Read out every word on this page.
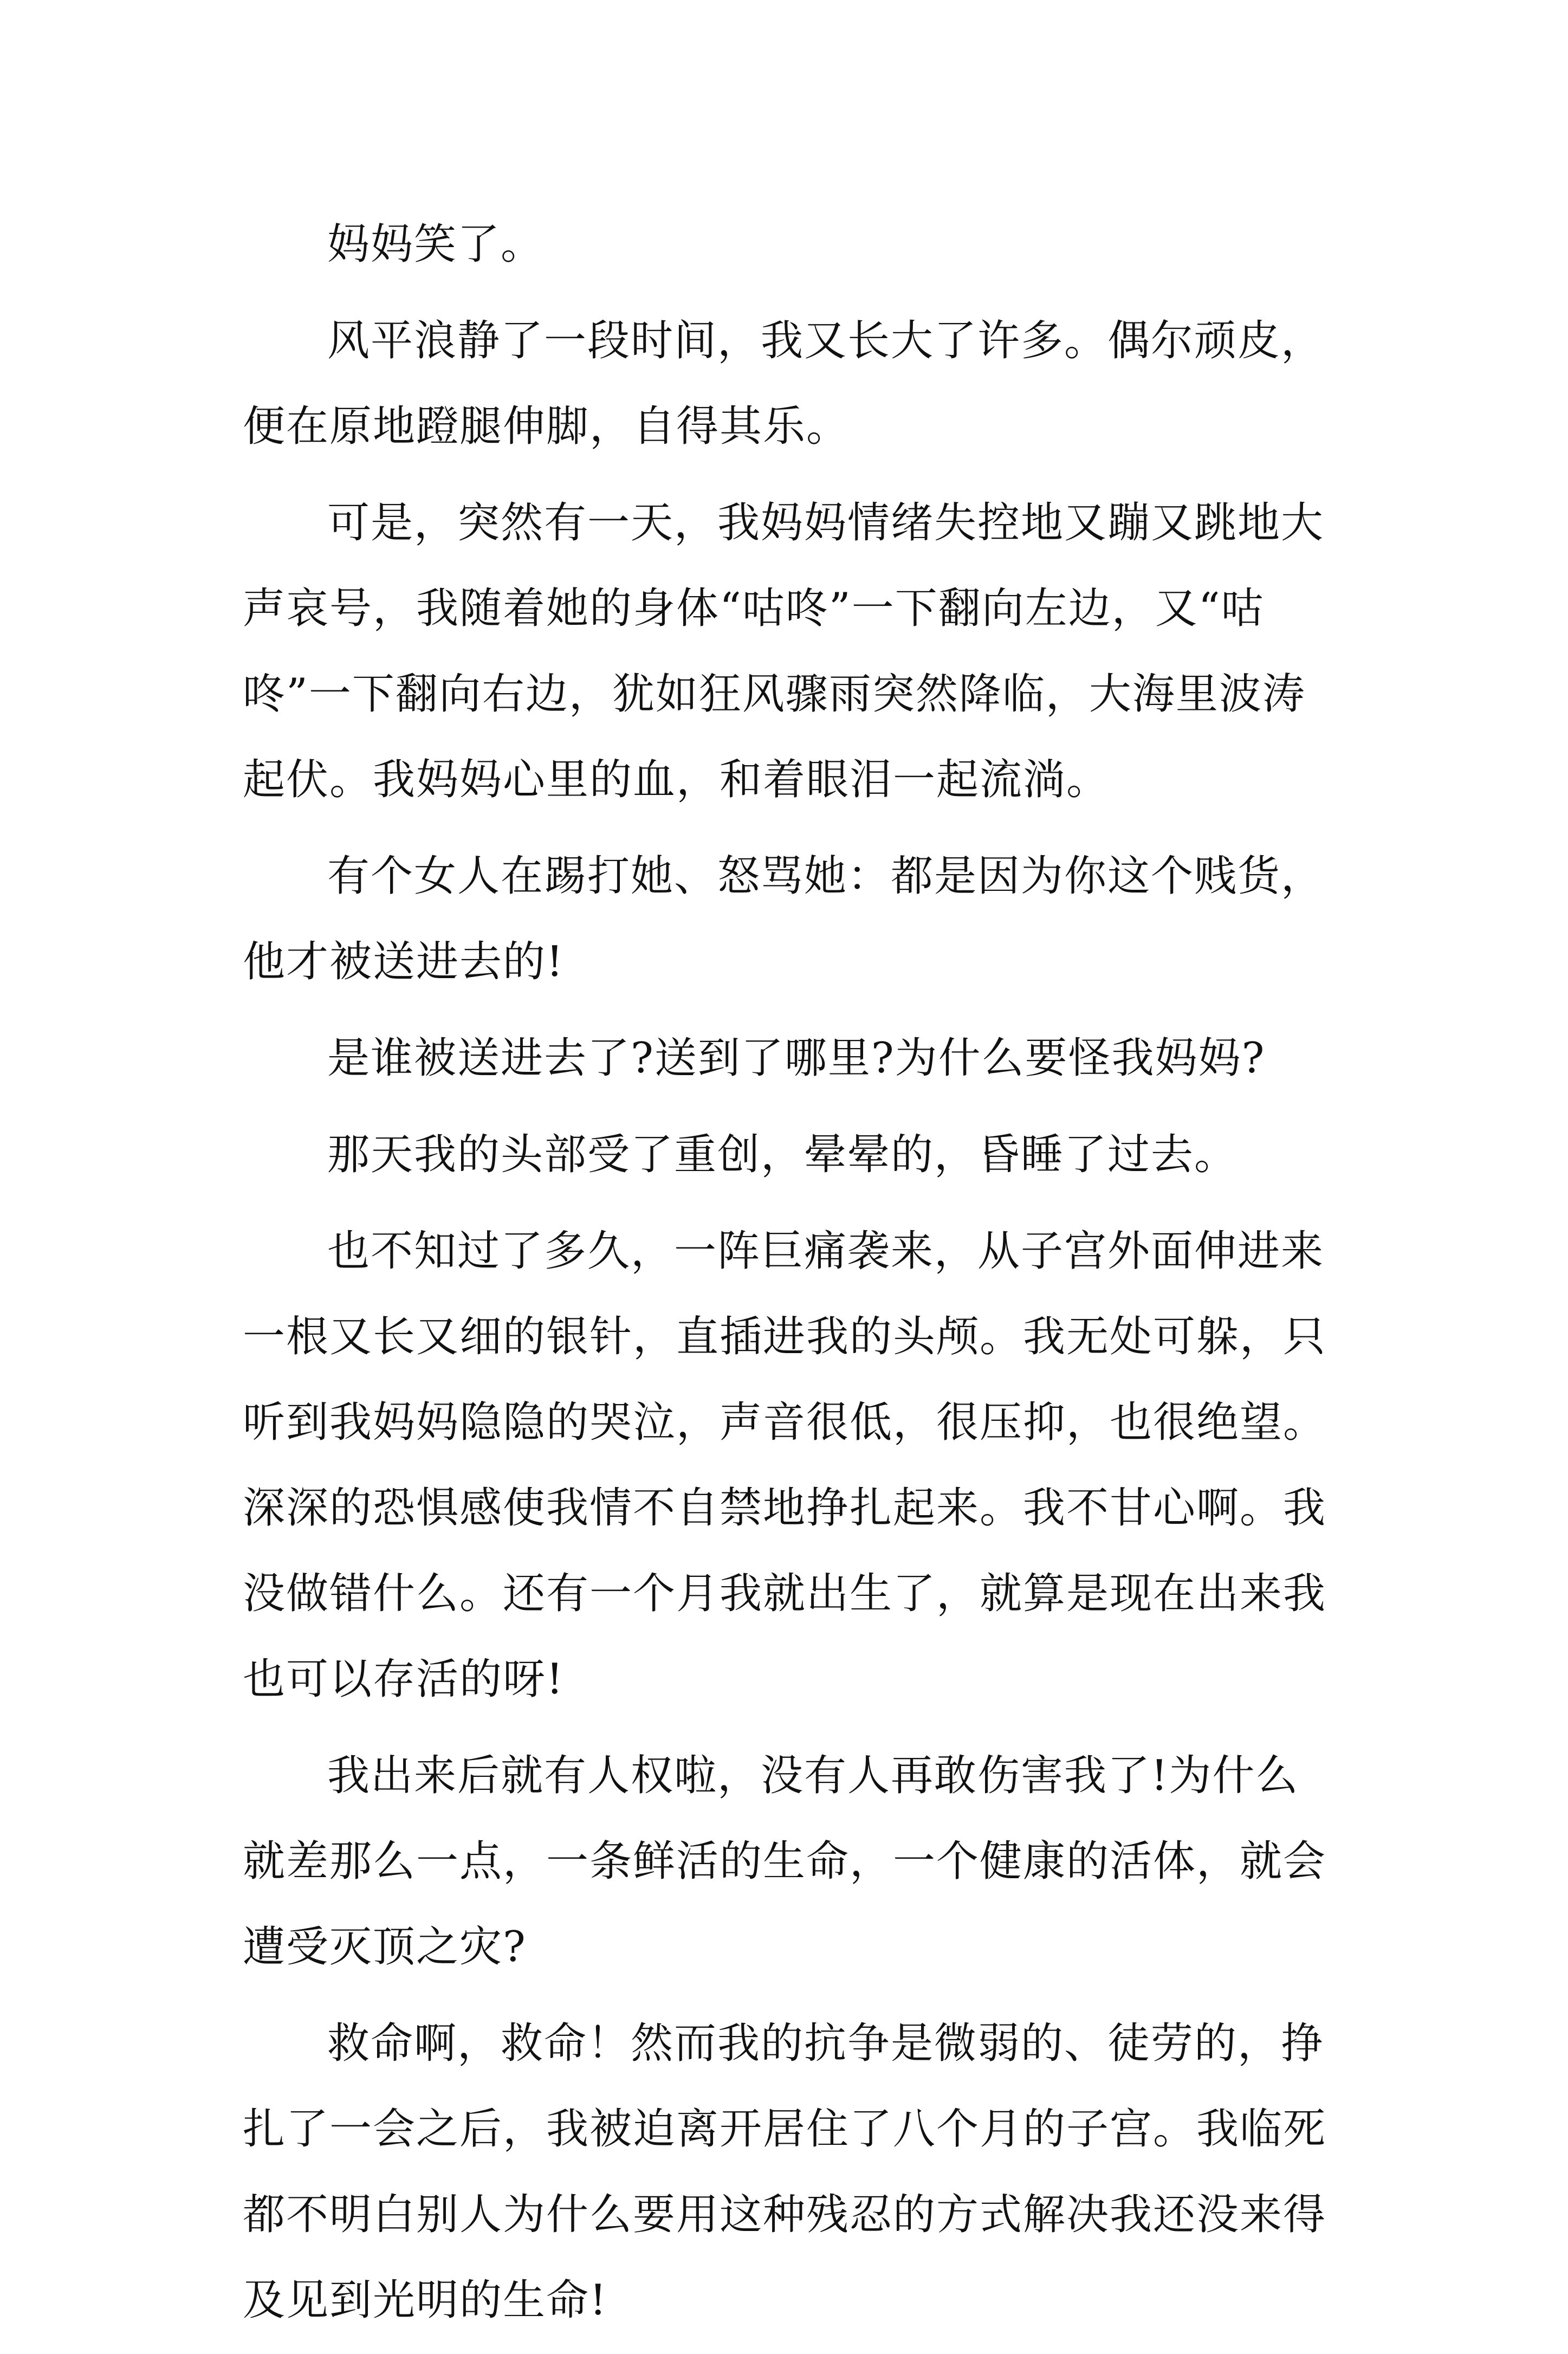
妈妈笑了。

风平浪静了一段时间，我又长大了许多。偶尔顽皮，便在原地蹬腿伸脚，自得其乐。

可是，突然有一天，我妈妈情绪失控地又蹦又跳地大声哀号，我随着她的身体“咕咚”一下翻向左边，又“咕咚”一下翻向右边，犹如狂风骤雨突然降临，大海里波涛起伏。我妈妈心里的血，和着眼泪一起流淌。

有个女人在踢打她、怒骂她：都是因为你这个贱货，他才被送进去的!

是谁被送进去了?送到了哪里?为什么要怪我妈妈?

那天我的头部受了重创，晕晕的，昏睡了过去。

也不知过了多久，一阵巨痛袭来，从子宫外面伸进来一根又长又细的银针，直插进我的头颅。我无处可躲，只听到我妈妈隐隐的哭泣，声音很低，很压抑，也很绝望。深深的恐惧感使我情不自禁地挣扎起来。我不甘心啊。我没做错什么。还有一个月我就出生了，就算是现在出来我也可以存活的呀!

我出来后就有人权啦，没有人再敢伤害我了!为什么就差那么一点，一条鲜活的生命，一个健康的活体，就会遭受灭顶之灾?

救命啊，救命！然而我的抗争是微弱的、徒劳的，挣扎了一会之后，我被迫离开居住了八个月的子宫。我临死都不明白别人为什么要用这种残忍的方式解决我还没来得及见到光明的生命!
